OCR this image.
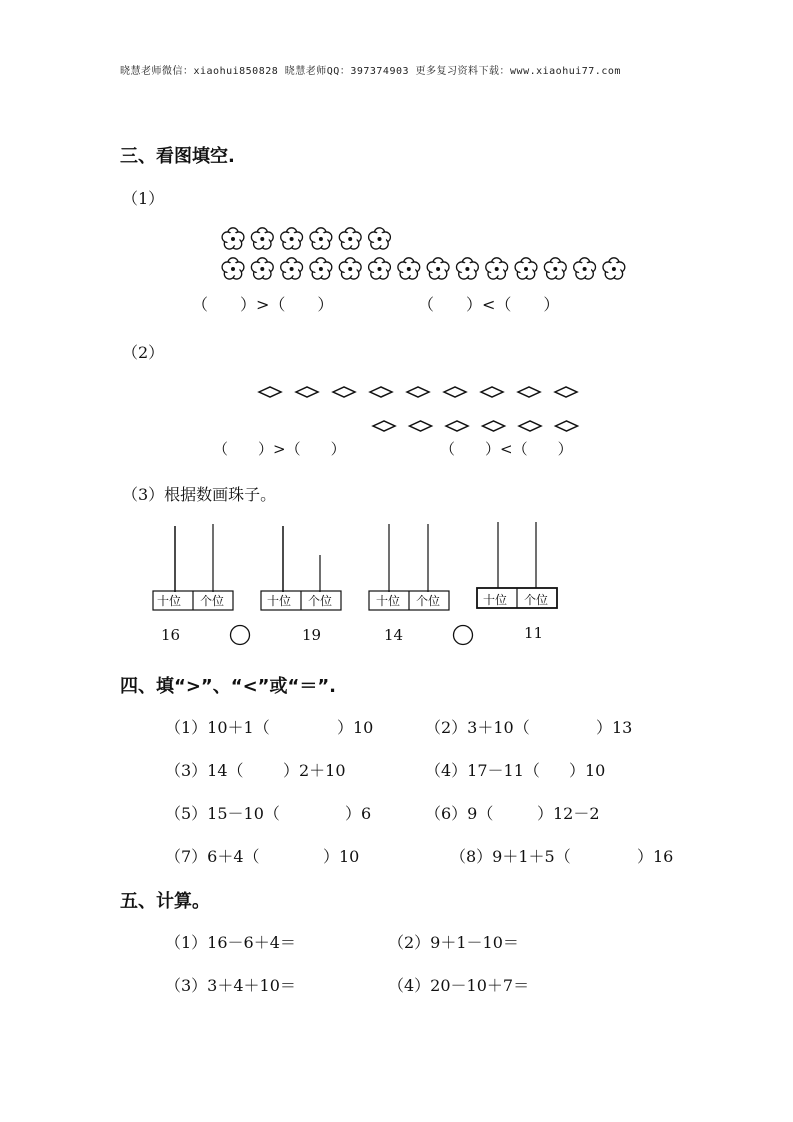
晓慧老师微信：xiaohui850828 晓慧老师QQ：397374903 更多复习资料下载：www.xiaohui77.com
三、看图填空.
（1）
（　　）>（　　）	（　　）<（　　）
（2）
（　　）>（　　）	（　　）<（　　）
（3）根据数画珠子。
十位 个位	十位 个位	十位 个位	十位 个位
16	19	14	11
四、填“>”、“<”或“＝”.
（1）10＋1（	）10	（2）3＋10（	）13
（3）14（ ）2＋10	（4）17－11（ ）10
（5）15－10（	）6	（6）9（	）12－2
（7）6＋4（	）10	（8）9＋1＋5（	）16
五、计算。
（1）16－6＋4＝	（2）9＋1－10＝
（3）3＋4＋10＝	（4）20－10＋7＝
